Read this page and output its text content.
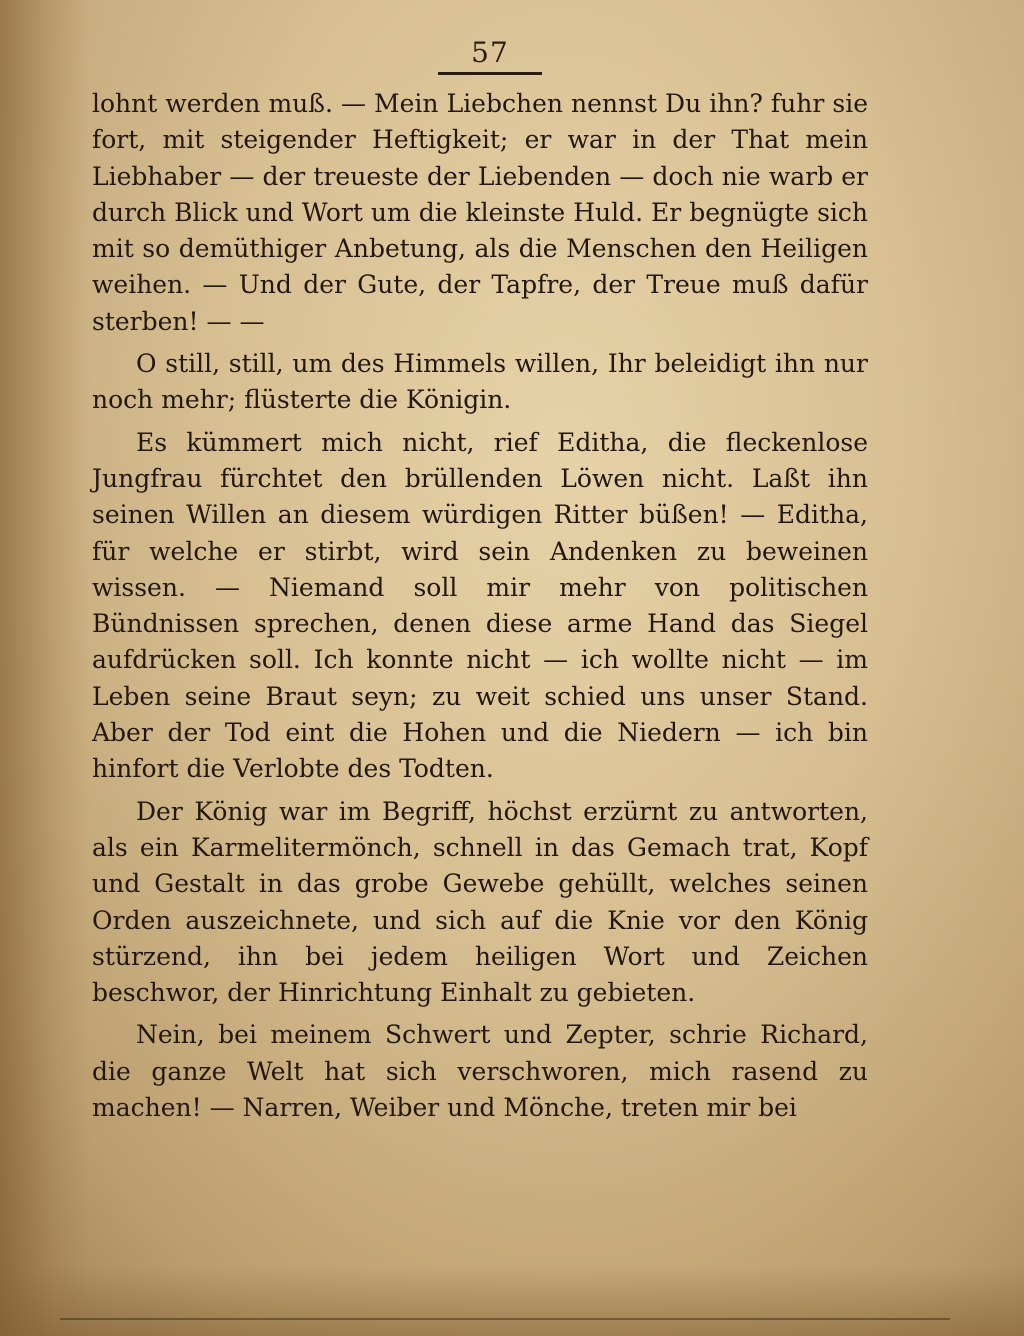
57

lohnt werden muß. — Mein Liebchen nennst Du ihn? fuhr sie fort, mit steigender Heftigkeit; er war in der That mein Liebhaber — der treueste der Liebenden — doch nie warb er durch Blick und Wort um die kleinste Huld. Er begnügte sich mit so demüthiger Anbetung, als die Menschen den Heiligen weihen. — Und der Gute, der Tapfre, der Treue muß dafür sterben! — —

O still, still, um des Himmels willen, Ihr beleidigt ihn nur noch mehr; flüsterte die Königin.

Es kümmert mich nicht, rief Editha, die fleckenlose Jungfrau fürchtet den brüllenden Löwen nicht. Laßt ihn seinen Willen an diesem würdigen Ritter büßen! — Editha, für welche er stirbt, wird sein Andenken zu beweinen wissen. — Niemand soll mir mehr von politischen Bündnissen sprechen, denen diese arme Hand das Siegel aufdrücken soll. Ich konnte nicht — ich wollte nicht — im Leben seine Braut seyn; zu weit schied uns unser Stand. Aber der Tod eint die Hohen und die Niedern — ich bin hinfort die Verlobte des Todten.

Der König war im Begriff, höchst erzürnt zu antworten, als ein Karmelitermönch, schnell in das Gemach trat, Kopf und Gestalt in das grobe Gewebe gehüllt, welches seinen Orden auszeichnete, und sich auf die Knie vor den König stürzend, ihn bei jedem heiligen Wort und Zeichen beschwor, der Hinrichtung Einhalt zu gebieten.

Nein, bei meinem Schwert und Zepter, schrie Richard, die ganze Welt hat sich verschworen, mich rasend zu machen! — Narren, Weiber und Mönche, treten mir bei
